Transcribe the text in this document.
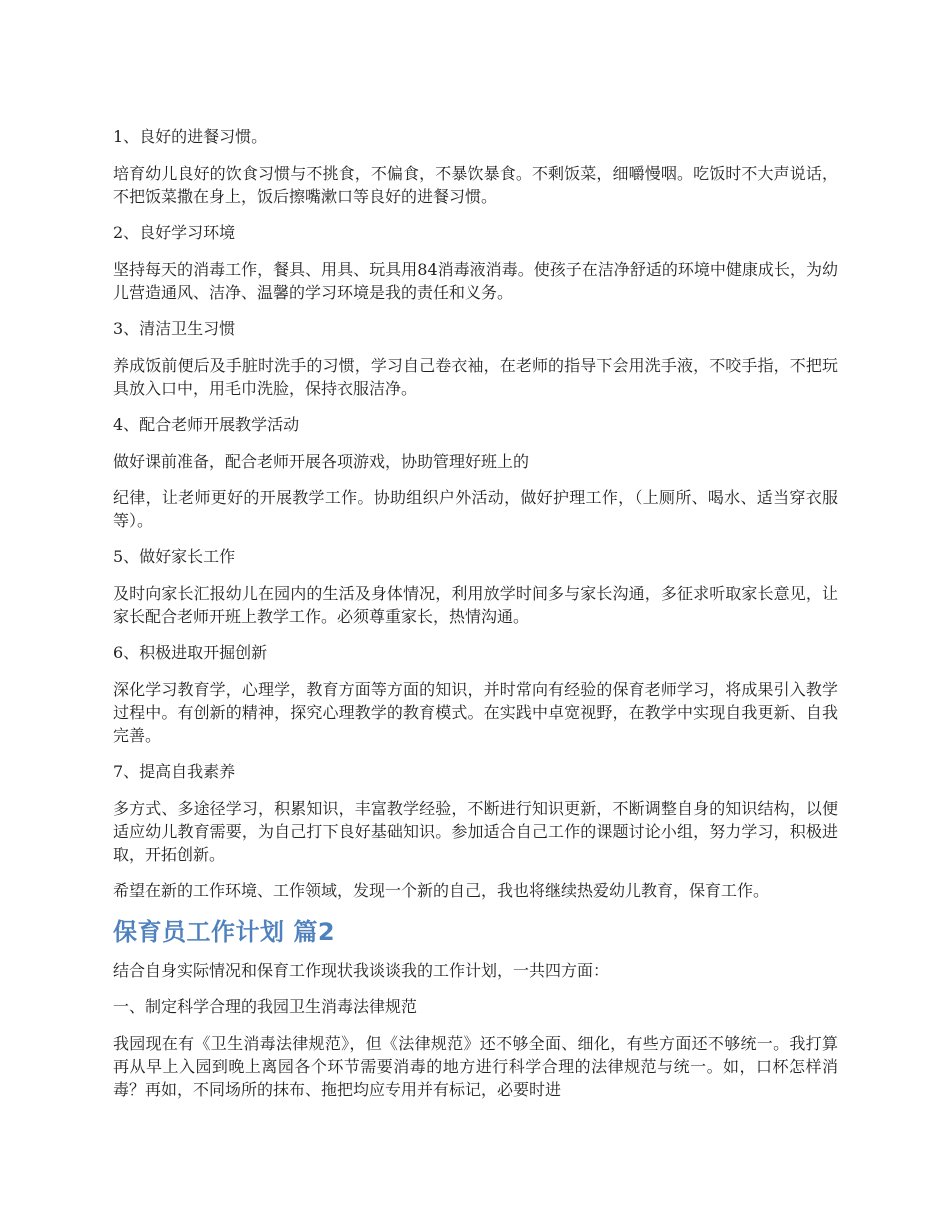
1、良好的进餐习惯。
培育幼儿良好的饮食习惯与不挑食，不偏食，不暴饮暴食。不剩饭菜，细嚼慢咽。吃饭时不大声说话，不把饭菜撒在身上，饭后擦嘴漱口等良好的进餐习惯。
2、良好学习环境
坚持每天的消毒工作，餐具、用具、玩具用84消毒液消毒。使孩子在洁净舒适的环境中健康成长，为幼儿营造通风、洁净、温馨的学习环境是我的责任和义务。
3、清洁卫生习惯
养成饭前便后及手脏时洗手的习惯，学习自己卷衣袖，在老师的指导下会用洗手液，不咬手指，不把玩具放入口中，用毛巾洗脸，保持衣服洁净。
4、配合老师开展教学活动
做好课前准备，配合老师开展各项游戏，协助管理好班上的
纪律，让老师更好的开展教学工作。协助组织户外活动，做好护理工作，（上厕所、喝水、适当穿衣服等）。
5、做好家长工作
及时向家长汇报幼儿在园内的生活及身体情况，利用放学时间多与家长沟通，多征求听取家长意见，让家长配合老师开班上教学工作。必须尊重家长，热情沟通。
6、积极进取开掘创新
深化学习教育学，心理学，教育方面等方面的知识，并时常向有经验的保育老师学习，将成果引入教学过程中。有创新的精神，探究心理教学的教育模式。在实践中卓宽视野，在教学中实现自我更新、自我完善。
7、提高自我素养
多方式、多途径学习，积累知识，丰富教学经验，不断进行知识更新，不断调整自身的知识结构，以便适应幼儿教育需要，为自己打下良好基础知识。参加适合自己工作的课题讨论小组，努力学习，积极进取，开拓创新。
希望在新的工作环境、工作领域，发现一个新的自己，我也将继续热爱幼儿教育，保育工作。
保育员工作计划 篇2
结合自身实际情况和保育工作现状我谈谈我的工作计划，一共四方面：
一、制定科学合理的我园卫生消毒法律规范
我园现在有《卫生消毒法律规范》，但《法律规范》还不够全面、细化，有些方面还不够统一。我打算再从早上入园到晚上离园各个环节需要消毒的地方进行科学合理的法律规范与统一。如，口杯怎样消毒？再如，不同场所的抹布、拖把均应专用并有标记，必要时进
